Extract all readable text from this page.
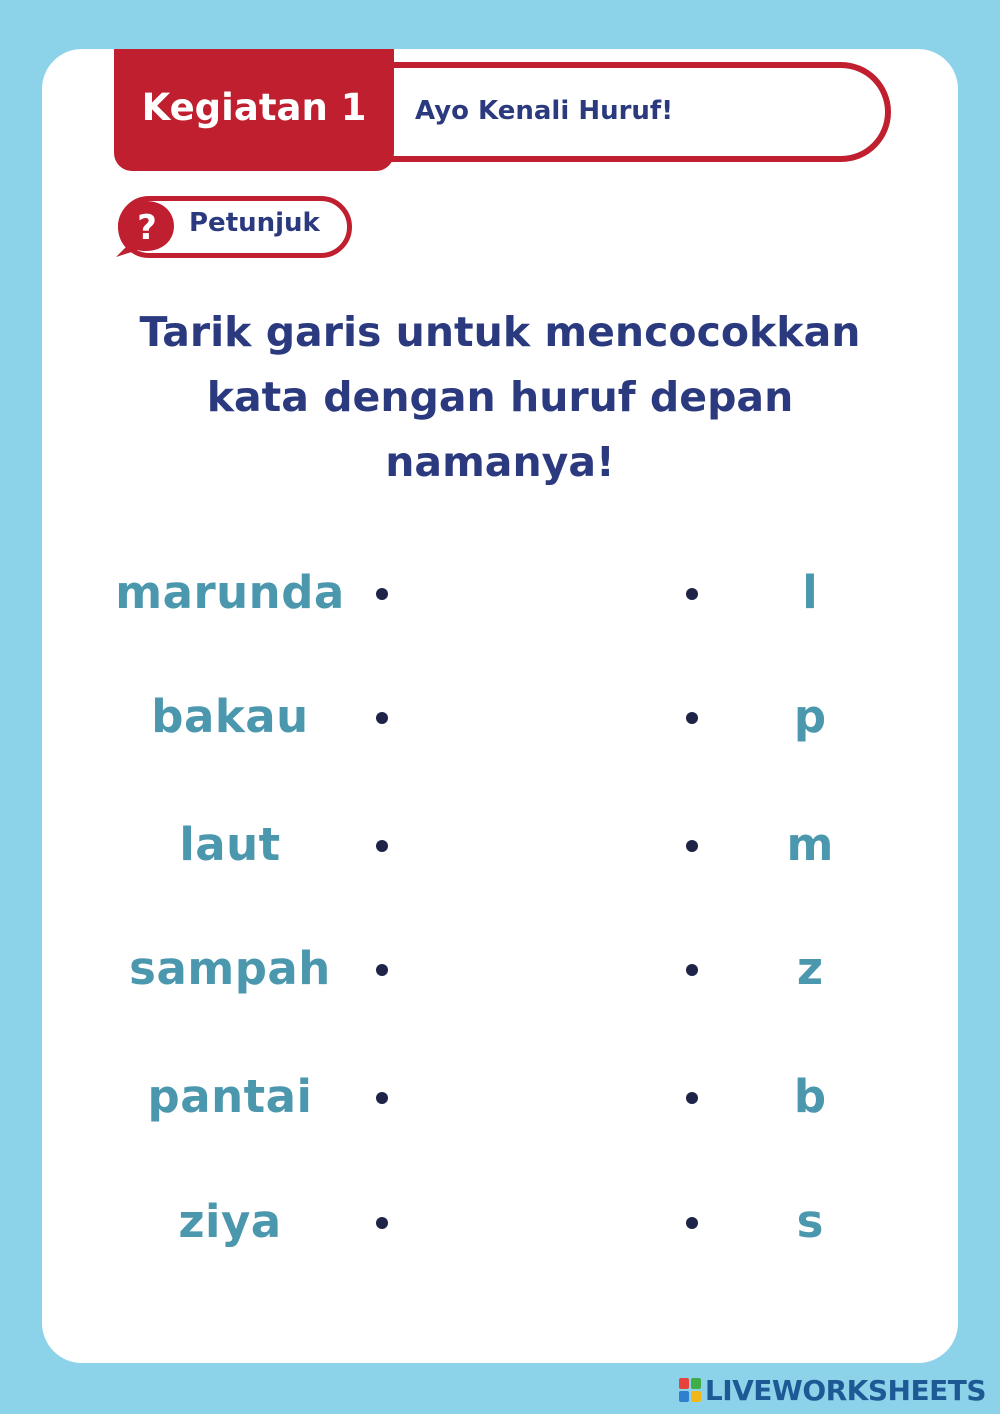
Kegiatan 1	Ayo Kenali Huruf!
? Petunjuk
Tarik garis untuk mencocokkan
kata dengan huruf depan
namanya!
marunda	l
bakau	p
laut	m
sampah	z
pantai	b
ziya	s
LIVEWORKSHEETS
